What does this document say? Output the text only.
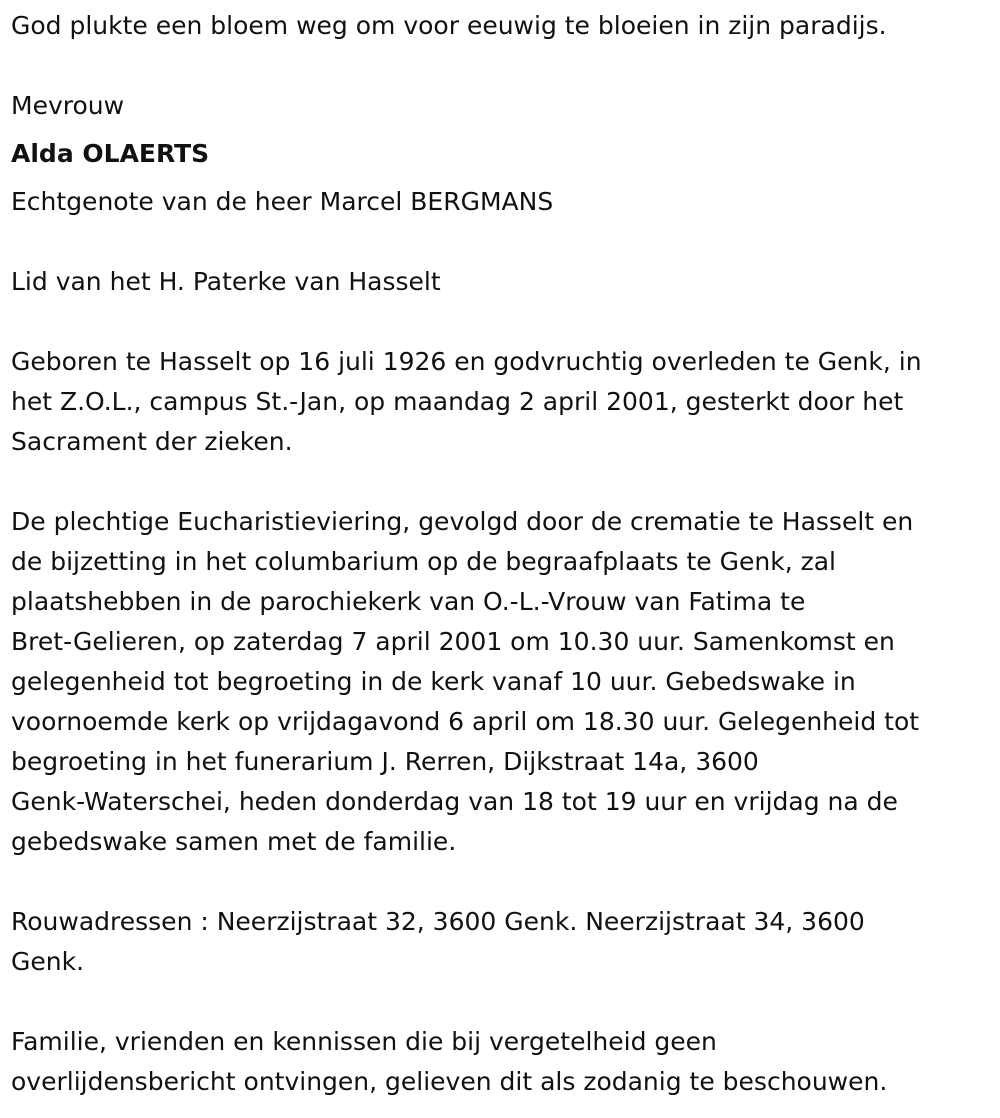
God plukte een bloem weg om voor eeuwig te bloeien in zijn paradijs.

Mevrouw

Alda OLAERTS

Echtgenote van de heer Marcel BERGMANS

Lid van het H. Paterke van Hasselt

Geboren te Hasselt op 16 juli 1926 en godvruchtig overleden te Genk, in

het Z.O.L., campus St.-Jan, op maandag 2 april 2001, gesterkt door het

Sacrament der zieken.

De plechtige Eucharistieviering, gevolgd door de crematie te Hasselt en

de bijzetting in het columbarium op de begraafplaats te Genk, zal

plaatshebben in de parochiekerk van O.-L.-Vrouw van Fatima te

Bret-Gelieren, op zaterdag 7 april 2001 om 10.30 uur. Samenkomst en

gelegenheid tot begroeting in de kerk vanaf 10 uur. Gebedswake in

voornoemde kerk op vrijdagavond 6 april om 18.30 uur. Gelegenheid tot

begroeting in het funerarium J. Rerren, Dijkstraat 14a, 3600

Genk-Waterschei, heden donderdag van 18 tot 19 uur en vrijdag na de

gebedswake samen met de familie.

Rouwadressen : Neerzijstraat 32, 3600 Genk. Neerzijstraat 34, 3600

Genk.

Familie, vrienden en kennissen die bij vergetelheid geen

overlijdensbericht ontvingen, gelieven dit als zodanig te beschouwen.
